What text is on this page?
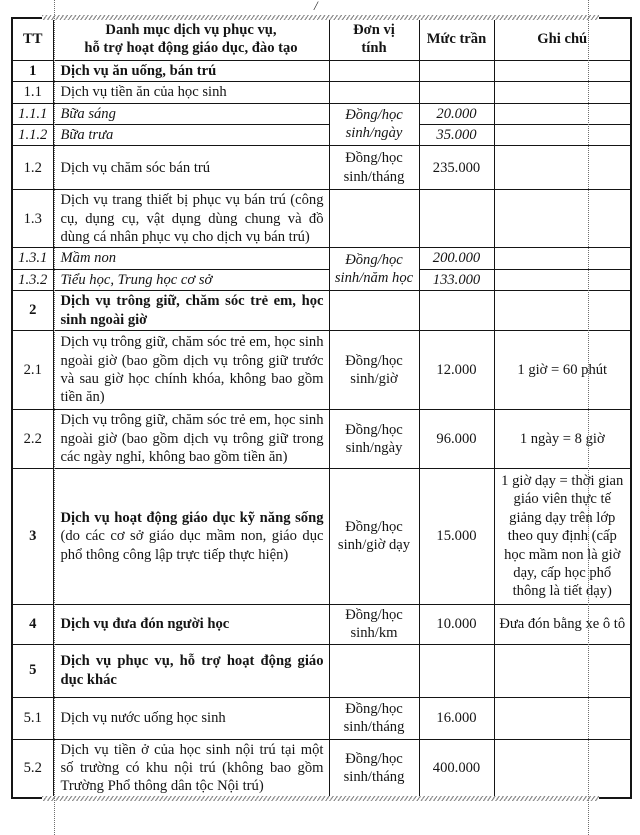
/
TT	Danh mục dịch vụ phục vụ,
hỗ trợ hoạt động giáo dục, đào tạo	Đơn vị tính	Mức trần	Ghi chú
1	Dịch vụ ăn uống, bán trú			
1.1	Dịch vụ tiền ăn của học sinh			
1.1.1	Bữa sáng	Đồng/học sinh/ngày	20.000	
1.1.2	Bữa trưa		35.000	
1.2	Dịch vụ chăm sóc bán trú	Đồng/học sinh/tháng	235.000	
1.3	Dịch vụ trang thiết bị phục vụ bán trú (công cụ, dụng cụ, vật dụng dùng chung và đồ dùng cá nhân phục vụ cho dịch vụ bán trú)			
1.3.1	Mầm non	Đồng/học sinh/năm học	200.000	
1.3.2	Tiểu học, Trung học cơ sở		133.000	
2	Dịch vụ trông giữ, chăm sóc trẻ em, học sinh ngoài giờ			
2.1	Dịch vụ trông giữ, chăm sóc trẻ em, học sinh ngoài giờ (bao gồm dịch vụ trông giữ trước và sau giờ học chính khóa, không bao gồm tiền ăn)	Đồng/học sinh/giờ	12.000	1 giờ = 60 phút
2.2	Dịch vụ trông giữ, chăm sóc trẻ em, học sinh ngoài giờ (bao gồm dịch vụ trông giữ trong các ngày nghỉ, không bao gồm tiền ăn)	Đồng/học sinh/ngày	96.000	1 ngày = 8 giờ
3	Dịch vụ hoạt động giáo dục kỹ năng sống (do các cơ sở giáo dục mầm non, giáo dục phổ thông công lập trực tiếp thực hiện)	Đồng/học sinh/giờ dạy	15.000	1 giờ dạy = thời gian giáo viên thực tế giảng dạy trên lớp theo quy định (cấp học mầm non là giờ dạy, cấp học phổ thông là tiết dạy)
4	Dịch vụ đưa đón người học	Đồng/học sinh/km	10.000	Đưa đón bằng xe ô tô
5	Dịch vụ phục vụ, hỗ trợ hoạt động giáo dục khác			
5.1	Dịch vụ nước uống học sinh	Đồng/học sinh/tháng	16.000	
5.2	Dịch vụ tiền ở của học sinh nội trú tại một số trường có khu nội trú (không bao gồm Trường Phổ thông dân tộc Nội trú)	Đồng/học sinh/tháng	400.000	
